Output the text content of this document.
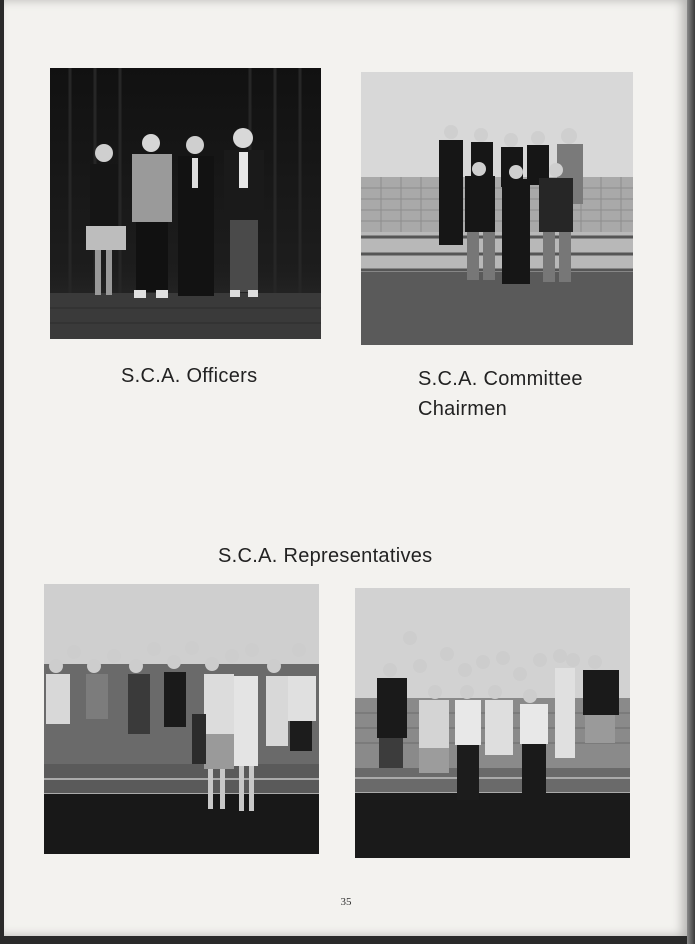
S.C.A. Officers	S.C.A. Committee
Chairmen
S.C.A. Representatives
35
